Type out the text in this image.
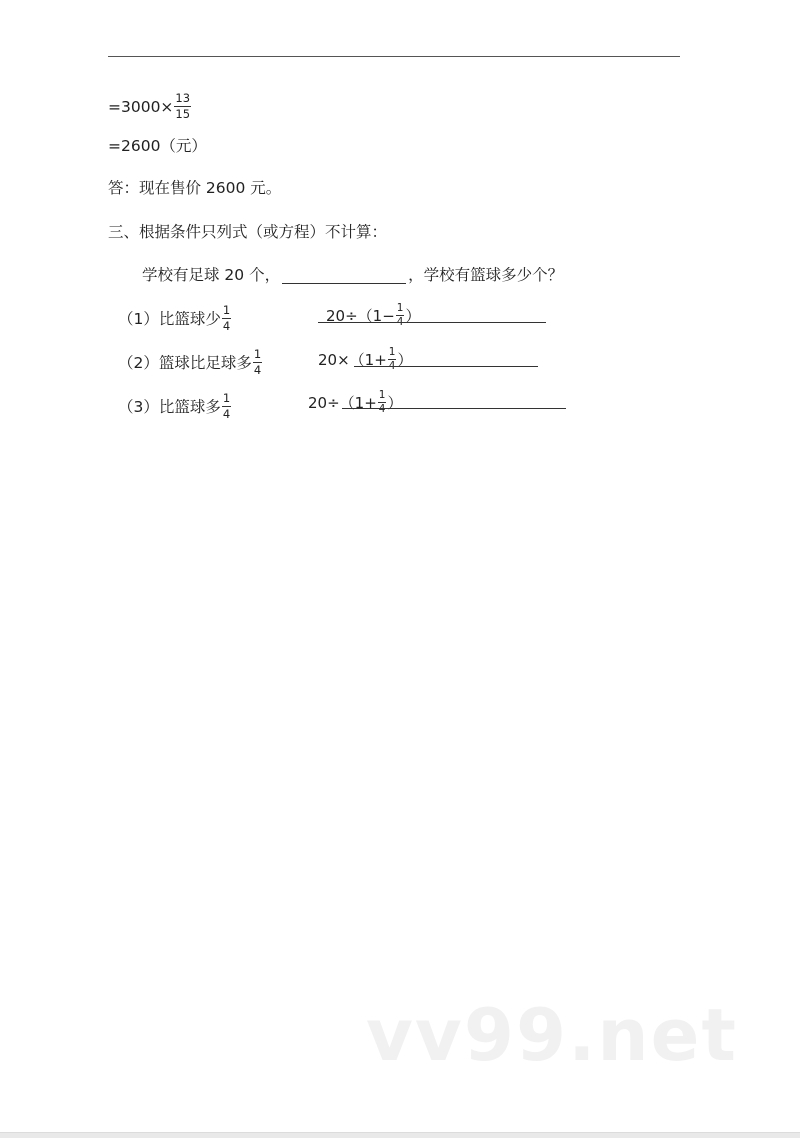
$=3000\times \frac{13}{15}$
=2600（元）
答：现在售价 2600 元。
三、根据条件只列式（或方程）不计算：
学校有足球 20 个，	，学校有篮球多少个？
（1）比篮球少 $\frac{1}{4}$	$20\div(1- \frac{1}{4}$ ）
（2）篮球比足球多 $\frac{1}{4}$	$20\times(1+ \frac{1}{4}$ ）
（3）比篮球多 $\frac{1}{4}$	$20\div(1+ \frac{1}{4}$ ）
vv99.net
